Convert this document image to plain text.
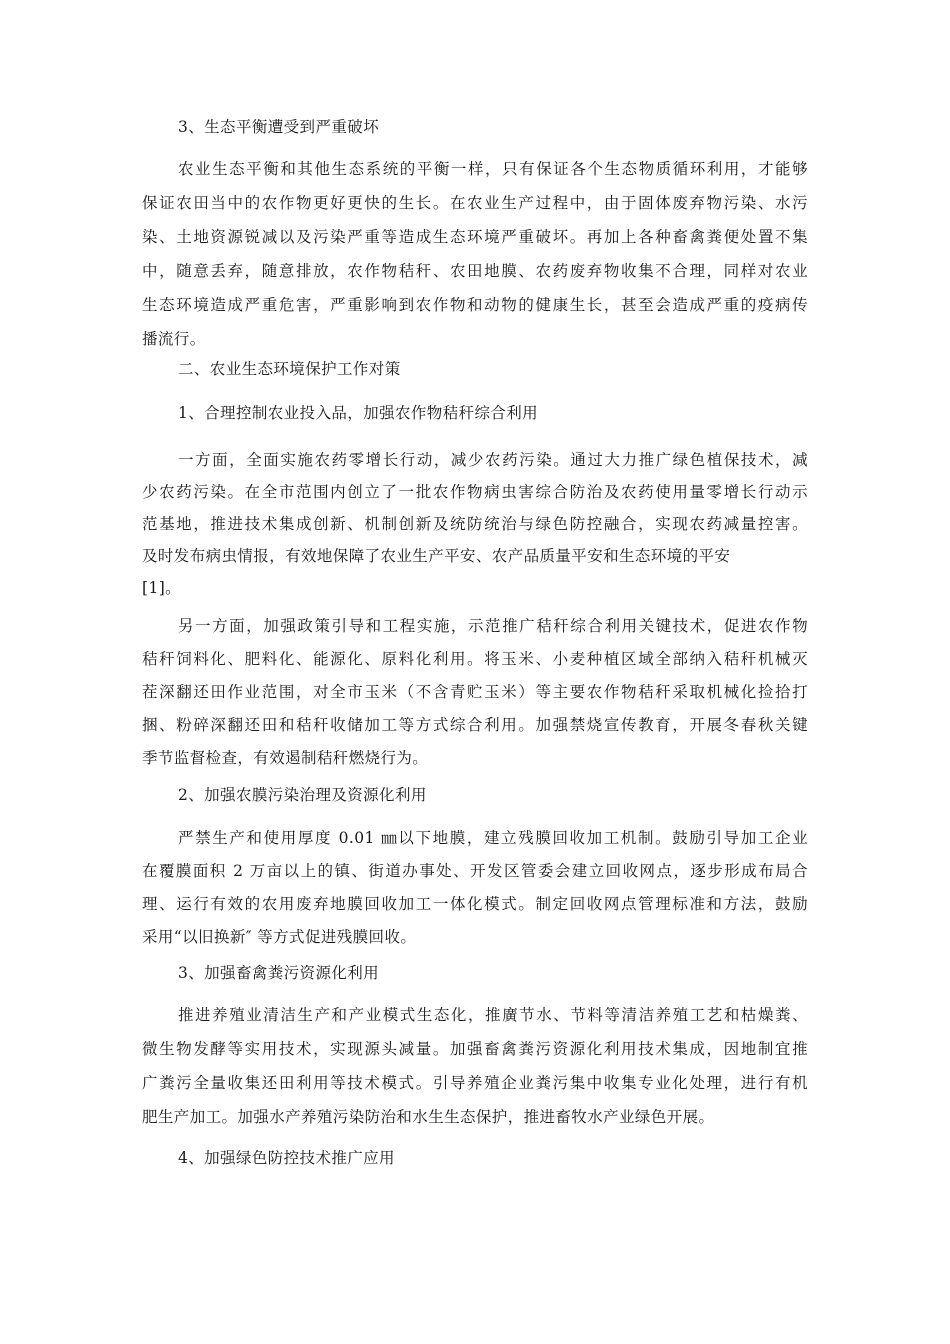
3、生态平衡遭受到严重破坏
农业生态平衡和其他生态系统的平衡一样，只有保证各个生态物质循环利用，才能够
保证农田当中的农作物更好更快的生长。在农业生产过程中，由于固体废弃物污染、水污
染、土地资源锐减以及污染严重等造成生态环境严重破坏。再加上各种畜禽粪便处置不集
中，随意丢弃，随意排放，农作物秸秆、农田地膜、农药废弃物收集不合理，同样对农业
生态环境造成严重危害，严重影响到农作物和动物的健康生长，甚至会造成严重的疫病传
播流行。
二、农业生态环境保护工作对策
1、合理控制农业投入品，加强农作物秸秆综合利用
一方面，全面实施农药零增长行动，减少农药污染。通过大力推广绿色植保技术，减
少农药污染。在全市范围内创立了一批农作物病虫害综合防治及农药使用量零增长行动示
范基地，推进技术集成创新、机制创新及统防统治与绿色防控融合，实现农药减量控害。
及时发布病虫情报，有效地保障了农业生产平安、农产品质量平安和生态环境的平安
[1]。
另一方面，加强政策引导和工程实施，示范推广秸秆综合利用关键技术，促进农作物
秸秆饲料化、肥料化、能源化、原料化利用。将玉米、小麦种植区域全部纳入秸秆机械灭
茬深翻还田作业范围，对全市玉米（不含青贮玉米）等主要农作物秸秆采取机械化捡拾打
捆、粉碎深翻还田和秸秆收储加工等方式综合利用。加强禁烧宣传教育，开展冬春秋关键
季节监督检查，有效遏制秸秆燃烧行为。
2、加强农膜污染治理及资源化利用
严禁生产和使用厚度 0.01 ㎜以下地膜，建立残膜回收加工机制。鼓励引导加工企业
在覆膜面积 2 万亩以上的镇、街道办事处、开发区管委会建立回收网点，逐步形成布局合
理、运行有效的农用废弃地膜回收加工一体化模式。制定回收网点管理标准和方法，鼓励
采用“以旧换新″ 等方式促进残膜回收。
3、加强畜禽粪污资源化利用
推进养殖业清洁生产和产业模式生态化，推廣节水、节料等清洁养殖工艺和枯燥粪、
微生物发酵等实用技术，实现源头减量。加强畜禽粪污资源化利用技术集成，因地制宜推
广粪污全量收集还田利用等技术模式。引导养殖企业粪污集中收集专业化处理，进行有机
肥生产加工。加强水产养殖污染防治和水生生态保护，推进畜牧水产业绿色开展。
4、加强绿色防控技术推广应用
